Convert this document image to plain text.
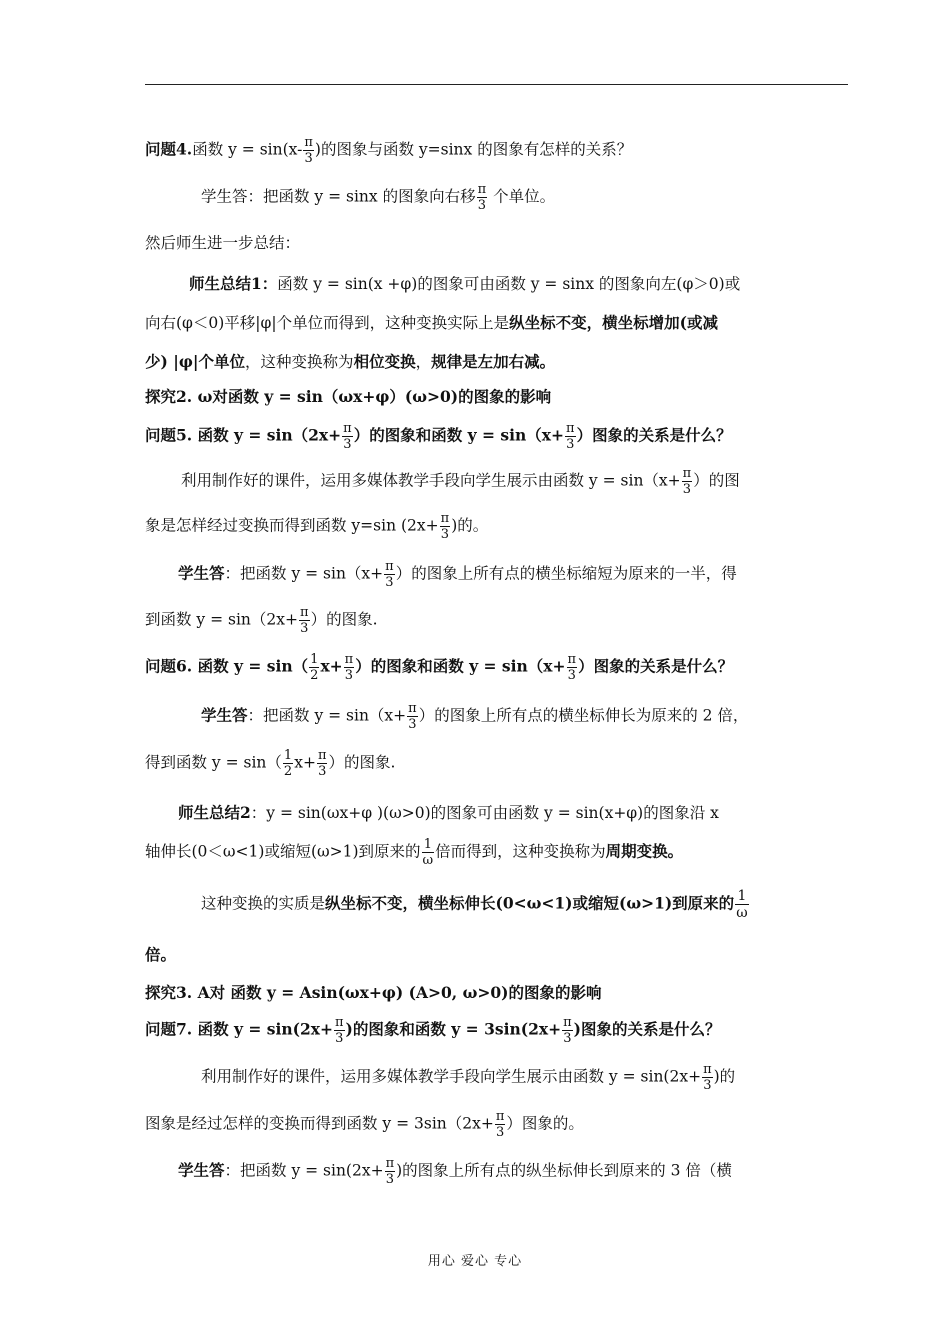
问题4.函数 $y = \sin(x- \frac{\pi}{3}$ )的图象与函数 y=sinx 的图象有怎样的关系？
学生答：把函数 y = sinx 的图象向右移 $\frac{\pi}{3}$ 个单位。
然后师生进一步总结：
师生总结1：函数 y = sin(x +φ)的图象可由函数 y = sinx 的图象向左(φ＞0)或
向右(φ＜0)平移|φ|个单位而得到，这种变换实际上是纵坐标不变，横坐标增加(或减
少) |φ|个单位，这种变换称为相位变换，规律是左加右减。
探究2. ω对函数 y = sin（ωx+φ）(ω>0)的图象的影响
问题5. 函数 $y = \sin(2x+ \frac{\pi}{3}$ ）的图象和函数 $y = \sin(x+ \frac{\pi}{3}$ ）图象的关系是什么？
利用制作好的课件，运用多媒体教学手段向学生展示由函数 $y = \sin(x+ \frac{\pi}{3}$ ）的图
象是怎样经过变换而得到函数 y=sin ($2x+ \frac{\pi}{3}$ )的。
学生答：把函数 $y = \sin(x+ \frac{\pi}{3}$ ）的图象上所有点的横坐标缩短为原来的一半，得
到函数 $y = \sin(2x+ \frac{\pi}{3}$ ）的图象.
问题6. 函数 $y = \sin( \frac{1}{2} x+ \frac{\pi}{3}$ ）的图象和函数 $y = \sin(x+ \frac{\pi}{3}$ ）图象的关系是什么？
学生答：把函数 $y = \sin(x+ \frac{\pi}{3}$ ）的图象上所有点的横坐标伸长为原来的 2 倍，
得到函数 $y = \sin( \frac{1}{2} x+ \frac{\pi}{3}$ ）的图象.
师生总结2：y = sin(ωx+φ )(ω>0)的图象可由函数 y = sin(x+φ)的图象沿 x
轴伸长(0＜ω<1)或缩短(ω>1)到原来的 $\frac{1}{\omega}$ 倍而得到，这种变换称为周期变换。
这种变换的实质是纵坐标不变，横坐标伸长(0<ω<1)或缩短(ω>1)到原来的 $\frac{1}{\omega}$
倍。
探究3. A对 函数 y = Asin(ωx+φ) (A>0, ω>0)的图象的影响
问题7. 函数 $y = \sin(2x+ \frac{\pi}{3}$ )的图象和函数 $y = 3\sin(2x+ \frac{\pi}{3}$ )图象的关系是什么？
利用制作好的课件，运用多媒体教学手段向学生展示由函数 $y = \sin(2x+ \frac{\pi}{3}$ )的
图象是经过怎样的变换而得到函数 $y = 3\sin(2x+ \frac{\pi}{3}$ ）图象的。
学生答：把函数 $y = \sin(2x+ \frac{\pi}{3}$ )的图象上所有点的纵坐标伸长到原来的 3 倍（横
用心 爱心 专心
